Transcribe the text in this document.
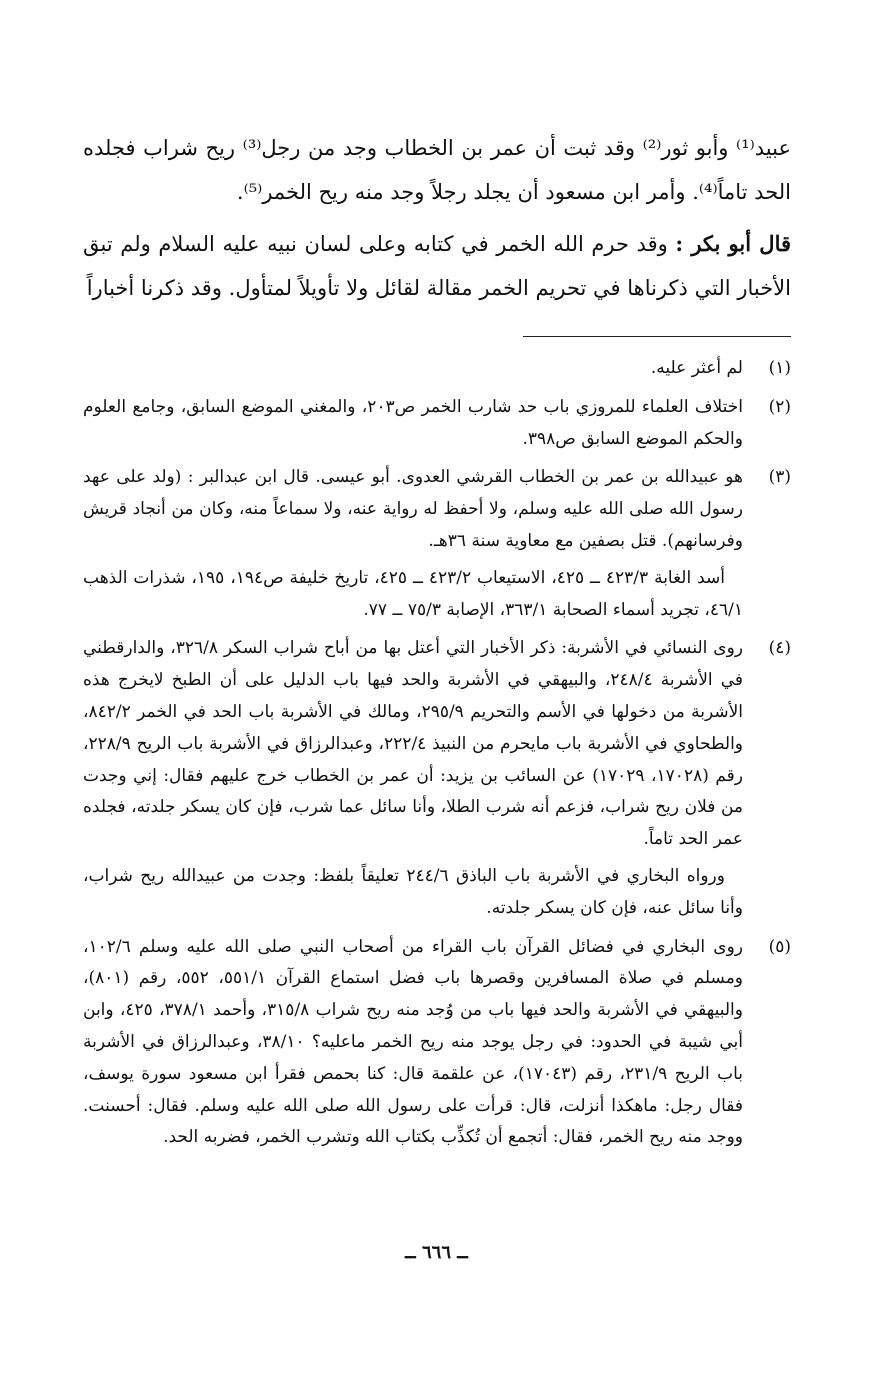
عبيد⁽¹⁾ وأبو ثور⁽²⁾ وقد ثبت أن عمر بن الخطاب وجد من رجل⁽³⁾ ريح شراب فجلده الحد تاماً⁽⁴⁾. وأمر ابن مسعود أن يجلد رجلاً وجد منه ريح الخمر⁽⁵⁾.

قال أبو بكر : وقد حرم الله الخمر في كتابه وعلى لسان نبيه عليه السلام ولم تبق الأخبار التي ذكرناها في تحريم الخمر مقالة لقائل ولا تأويلاً لمتأول. وقد ذكرنا أخباراً

(١)

لم أعثر عليه.

(٢)

اختلاف العلماء للمروزي باب حد شارب الخمر ص٢٠٣، والمغني الموضع السابق، وجامع العلوم والحكم الموضع السابق ص٣٩٨.

(٣)

هو عبيدالله بن عمر بن الخطاب القرشي العدوى. أبو عيسى. قال ابن عبدالبر : (ولد على عهد رسول الله صلى الله عليه وسلم، ولا أحفظ له رواية عنه، ولا سماعاً منه، وكان من أنجاد قريش وفرسانهم). قتل بصفين مع معاوية سنة ٣٦هـ.

أسد الغابة ٤٢٣/٣ ــ ٤٢٥، الاستيعاب ٤٢٣/٢ ــ ٤٢٥، تاريخ خليفة ص١٩٤، ١٩٥، شذرات الذهب ٤٦/١، تجريد أسماء الصحابة ٣٦٣/١، الإصابة ٧٥/٣ ــ ٧٧.

(٤)

روى النسائي في الأشربة: ذكر الأخبار التي أعتل بها من أباح شراب السكر ٣٢٦/٨، والدارقطني في الأشربة ٢٤٨/٤، والبيهقي في الأشربة والحد فيها باب الدليل على أن الطبخ لايخرج هذه الأشربة من دخولها في الأسم والتحريم ٢٩٥/٩، ومالك في الأشربة باب الحد في الخمر ٨٤٢/٢، والطحاوي في الأشربة باب مايحرم من النبيذ ٢٢٢/٤، وعبدالرزاق في الأشربة باب الريح ٢٢٨/٩، رقم (١٧٠٢٨، ١٧٠٢٩) عن السائب بن يزيد: أن عمر بن الخطاب خرج عليهم فقال: إني وجدت من فلان ريح شراب، فزعم أنه شرب الطلا، وأنا سائل عما شرب، فإن كان يسكر جلدته، فجلده عمر الحد تاماً.

ورواه البخاري في الأشربة باب الباذق ٢٤٤/٦ تعليقاً بلفظ: وجدت من عبيدالله ريح شراب، وأنا سائل عنه، فإن كان يسكر جلدته.

(٥)

روى البخاري في فضائل القرآن باب القراء من أصحاب النبي صلى الله عليه وسلم ١٠٢/٦، ومسلم في صلاة المسافرين وقصرها باب فضل استماع القرآن ٥٥١/١، ٥٥٢، رقم (٨٠١)، والبيهقي في الأشربة والحد فيها باب من وُجد منه ريح شراب ٣١٥/٨، وأحمد ٣٧٨/١، ٤٢٥، وابن أبي شيبة في الحدود: في رجل يوجد منه ريح الخمر ماعليه؟ ٣٨/١٠، وعبدالرزاق في الأشربة باب الريح ٢٣١/٩، رقم (١٧٠٤٣)، عن علقمة قال: كنا بحمص فقرأ ابن مسعود سورة يوسف، فقال رجل: ماهكذا أنزلت، قال: قرأت على رسول الله صلى الله عليه وسلم. فقال: أحسنت. ووجد منه ريح الخمر، فقال: أتجمع أن تُكذِّب بكتاب الله وتشرب الخمر، فضربه الحد.

ــ ٦٦٦ ــ
